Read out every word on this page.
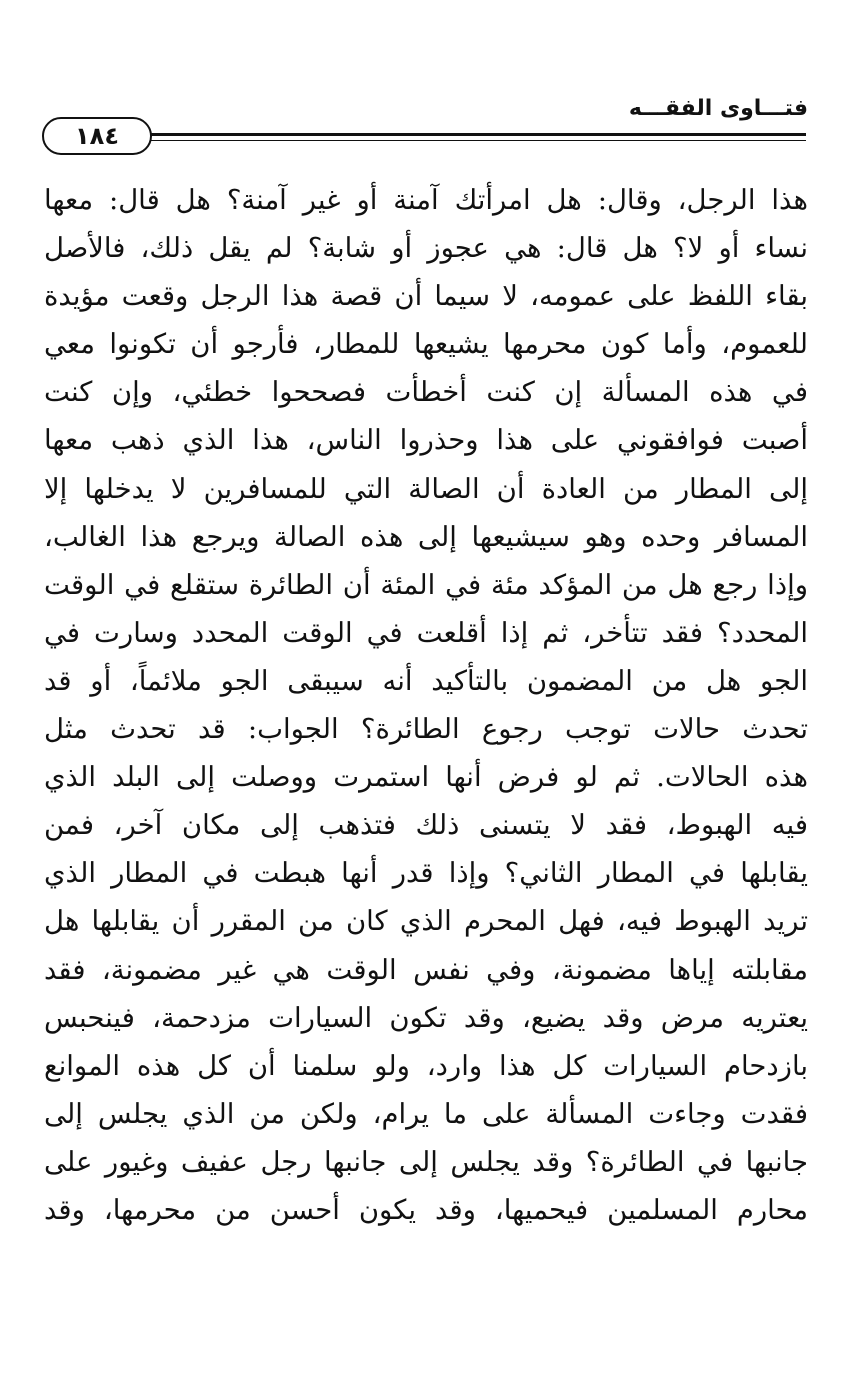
فتـــاوى الفقـــه
١٨٤
هذا الرجل، وقال: هل امرأتك آمنة أو غير آمنة؟ هل قال: معها
نساء أو لا؟ هل قال: هي عجوز أو شابة؟ لم يقل ذلك، فالأصل
بقاء اللفظ على عمومه، لا سيما أن قصة هذا الرجل وقعت مؤيدة
للعموم، وأما كون محرمها يشيعها للمطار، فأرجو أن تكونوا معي
في هذه المسألة إن كنت أخطأت فصححوا خطئي، وإن كنت
أصبت فوافقوني على هذا وحذروا الناس، هذا الذي ذهب معها
إلى المطار من العادة أن الصالة التي للمسافرين لا يدخلها إلا
المسافر وحده وهو سيشيعها إلى هذه الصالة ويرجع هذا الغالب،
وإذا رجع هل من المؤكد مئة في المئة أن الطائرة ستقلع في الوقت
المحدد؟ فقد تتأخر، ثم إذا أقلعت في الوقت المحدد وسارت في
الجو هل من المضمون بالتأكيد أنه سيبقى الجو ملائماً، أو قد
تحدث حالات توجب رجوع الطائرة؟ الجواب: قد تحدث مثل
هذه الحالات. ثم لو فرض أنها استمرت ووصلت إلى البلد الذي
فيه الهبوط، فقد لا يتسنى ذلك فتذهب إلى مكان آخر، فمن
يقابلها في المطار الثاني؟ وإذا قدر أنها هبطت في المطار الذي
تريد الهبوط فيه، فهل المحرم الذي كان من المقرر أن يقابلها هل
مقابلته إياها مضمونة، وفي نفس الوقت هي غير مضمونة، فقد
يعتريه مرض وقد يضيع، وقد تكون السيارات مزدحمة، فينحبس
بازدحام السيارات كل هذا وارد، ولو سلمنا أن كل هذه الموانع
فقدت وجاءت المسألة على ما يرام، ولكن من الذي يجلس إلى
جانبها في الطائرة؟ وقد يجلس إلى جانبها رجل عفيف وغيور على
محارم المسلمين فيحميها، وقد يكون أحسن من محرمها، وقد
